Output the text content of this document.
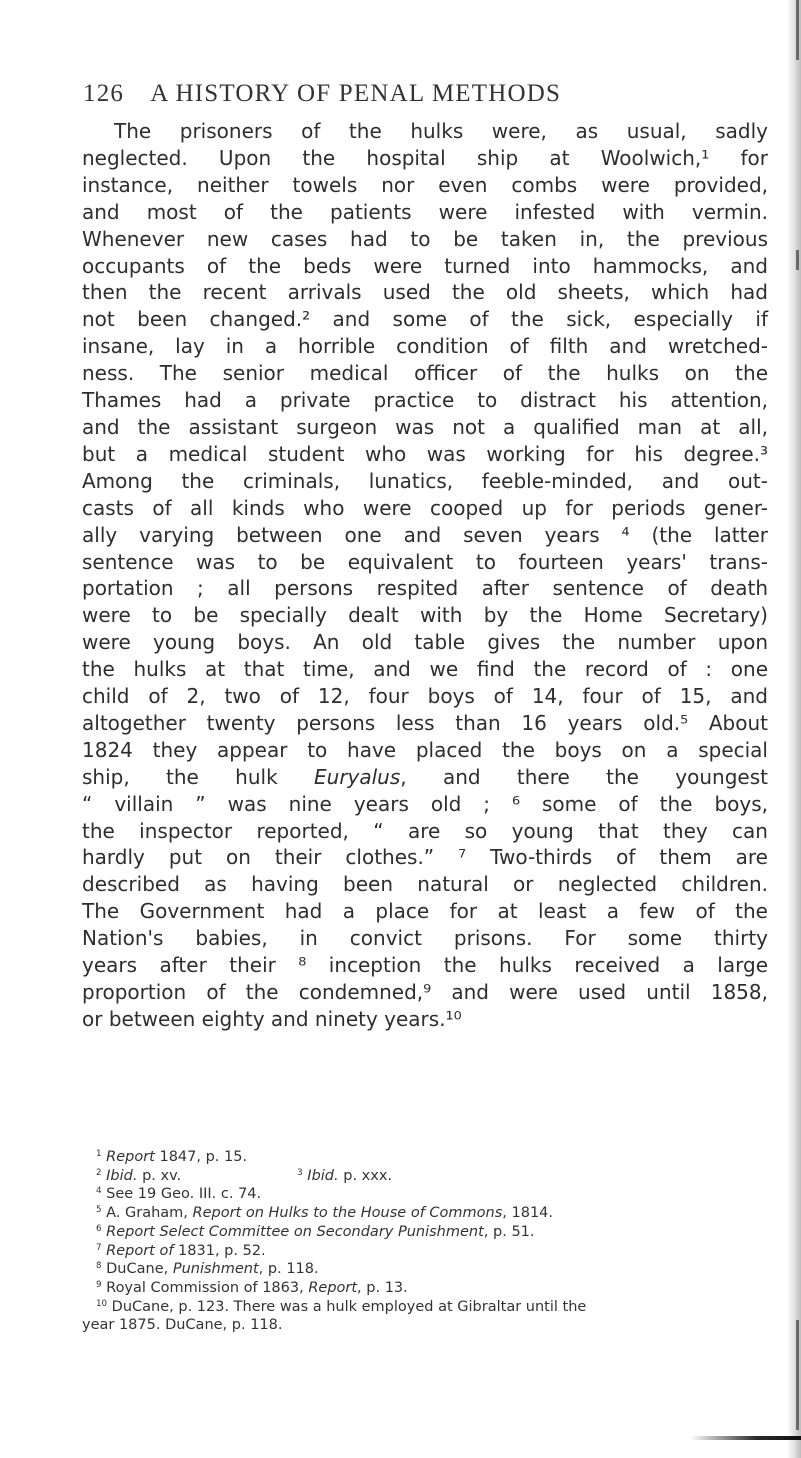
126 A HISTORY OF PENAL METHODS
The prisoners of the hulks were, as usual, sadly
neglected. Upon the hospital ship at Woolwich,¹ for
instance, neither towels nor even combs were provided,
and most of the patients were infested with vermin.
Whenever new cases had to be taken in, the previous
occupants of the beds were turned into hammocks, and
then the recent arrivals used the old sheets, which had
not been changed.² and some of the sick, especially if
insane, lay in a horrible condition of filth and wretched-
ness. The senior medical officer of the hulks on the
Thames had a private practice to distract his attention,
and the assistant surgeon was not a qualified man at all,
but a medical student who was working for his degree.³
Among the criminals, lunatics, feeble-minded, and out-
casts of all kinds who were cooped up for periods gener-
ally varying between one and seven years ⁴ (the latter
sentence was to be equivalent to fourteen years' trans-
portation ; all persons respited after sentence of death
were to be specially dealt with by the Home Secretary)
were young boys. An old table gives the number upon
the hulks at that time, and we find the record of : one
child of 2, two of 12, four boys of 14, four of 15, and
altogether twenty persons less than 16 years old.⁵ About
1824 they appear to have placed the boys on a special
ship, the hulk Euryalus, and there the youngest
“ villain ” was nine years old ; ⁶ some of the boys,
the inspector reported, “ are so young that they can
hardly put on their clothes.” ⁷ Two-thirds of them are
described as having been natural or neglected children.
The Government had a place for at least a few of the
Nation's babies, in convict prisons. For some thirty
years after their ⁸ inception the hulks received a large
proportion of the condemned,⁹ and were used until 1858,
or between eighty and ninety years.¹⁰
$^1$ Report 1847, p. 15.
$^2$ Ibid. p. xv.	$^3$ Ibid. p. xxx.
$^4$ See 19 Geo. III. c. 74.
$^5$ A. Graham, Report on Hulks to the House of Commons, 1814.
$^6$ Report Select Committee on Secondary Punishment, p. 51.
$^7$ Report of 1831, p. 52.
$^8$ DuCane, Punishment, p. 118.
$^9$ Royal Commission of 1863, Report, p. 13.
$^{10}$ DuCane, p. 123. There was a hulk employed at Gibraltar until the
year 1875. DuCane, p. 118.
